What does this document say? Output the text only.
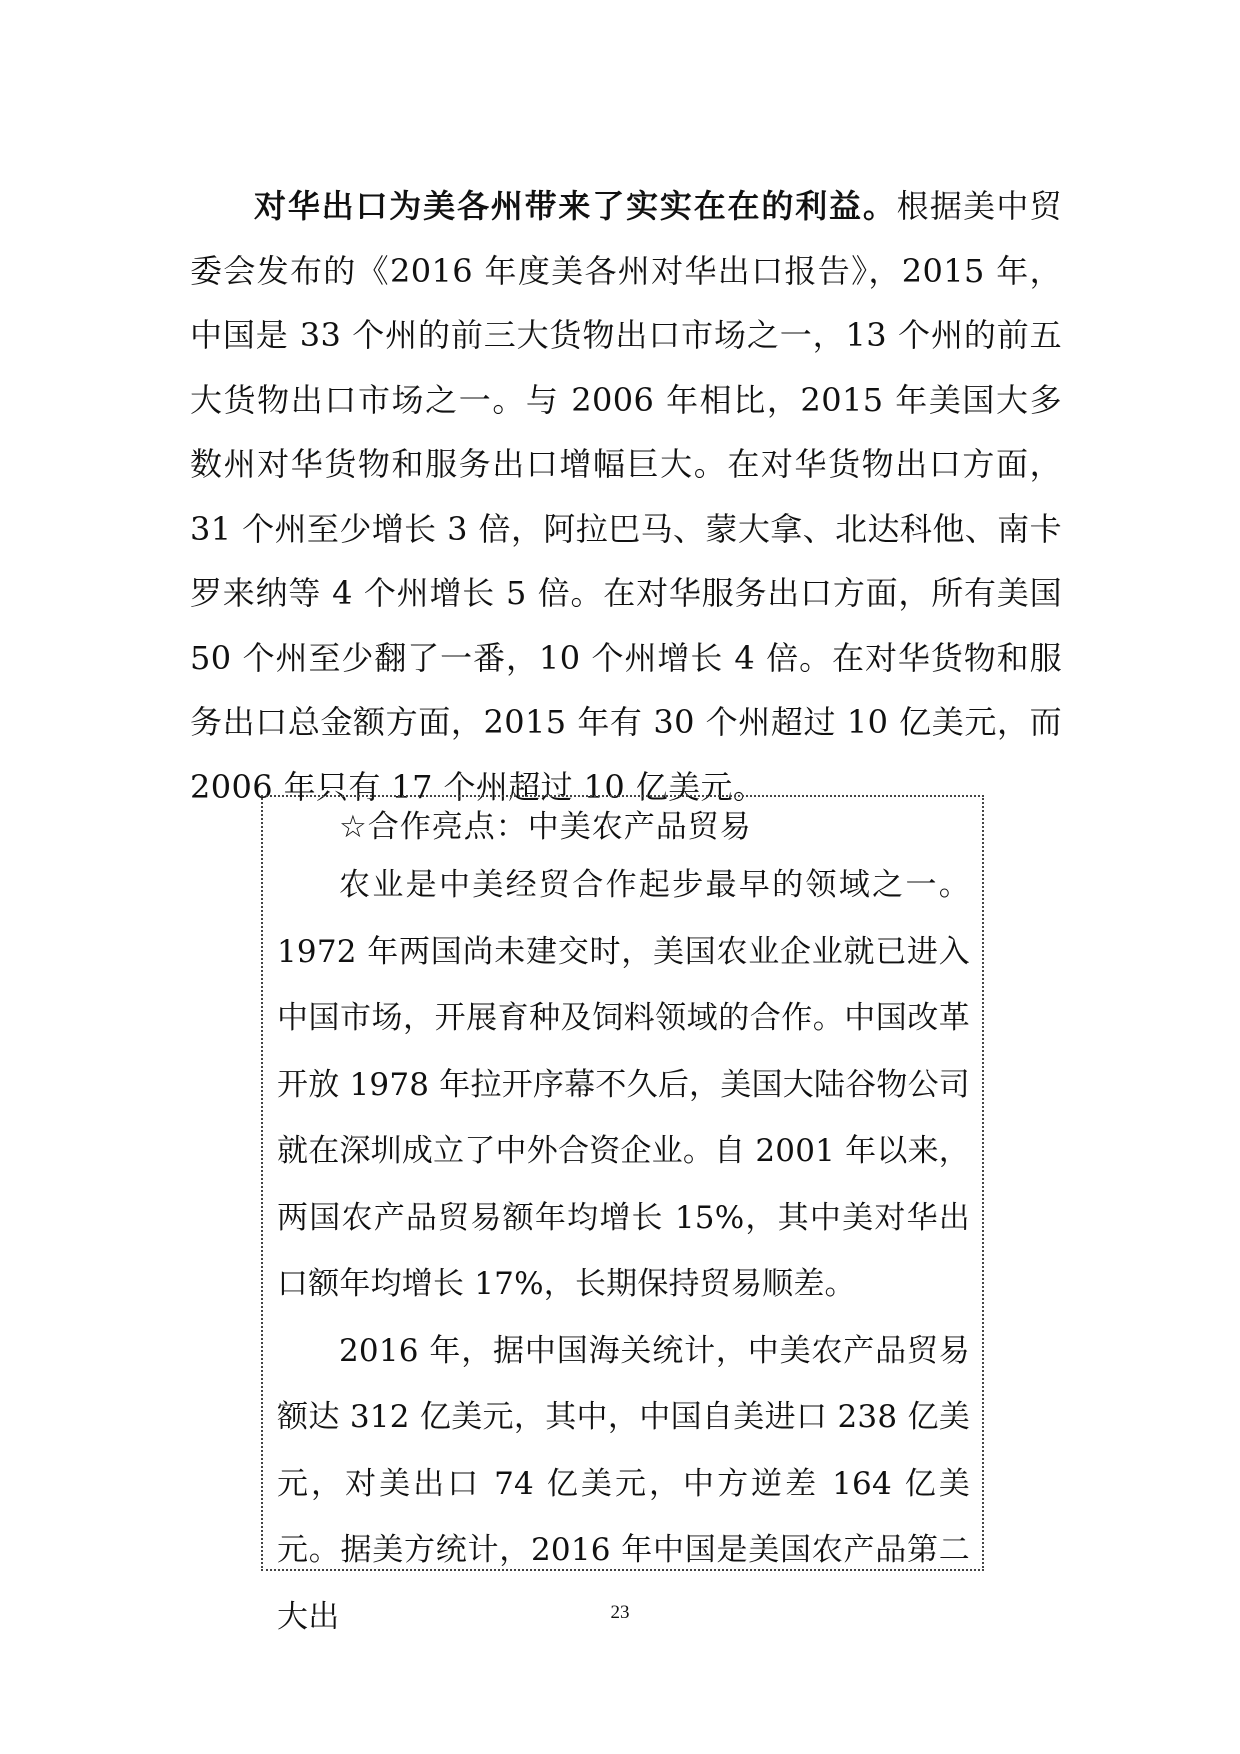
对华出口为美各州带来了实实在在的利益。根据美中贸委会发布的《2016 年度美各州对华出口报告》，2015 年，中国是 33 个州的前三大货物出口市场之一，13 个州的前五大货物出口市场之一。与 2006 年相比，2015 年美国大多数州对华货物和服务出口增幅巨大。在对华货物出口方面，31 个州至少增长 3 倍，阿拉巴马、蒙大拿、北达科他、南卡罗来纳等 4 个州增长 5 倍。在对华服务出口方面，所有美国 50 个州至少翻了一番，10 个州增长 4 倍。在对华货物和服务出口总金额方面，2015 年有 30 个州超过 10 亿美元，而 2006 年只有 17 个州超过 10 亿美元。

☆合作亮点：中美农产品贸易

农业是中美经贸合作起步最早的领域之一。1972 年两国尚未建交时，美国农业企业就已进入中国市场，开展育种及饲料领域的合作。中国改革开放 1978 年拉开序幕不久后，美国大陆谷物公司就在深圳成立了中外合资企业。自 2001 年以来，两国农产品贸易额年均增长 15%，其中美对华出口额年均增长 17%，长期保持贸易顺差。

2016 年，据中国海关统计，中美农产品贸易额达 312 亿美元，其中，中国自美进口 238 亿美元，对美出口 74 亿美元，中方逆差 164 亿美元。据美方统计，2016 年中国是美国农产品第二大出	23
